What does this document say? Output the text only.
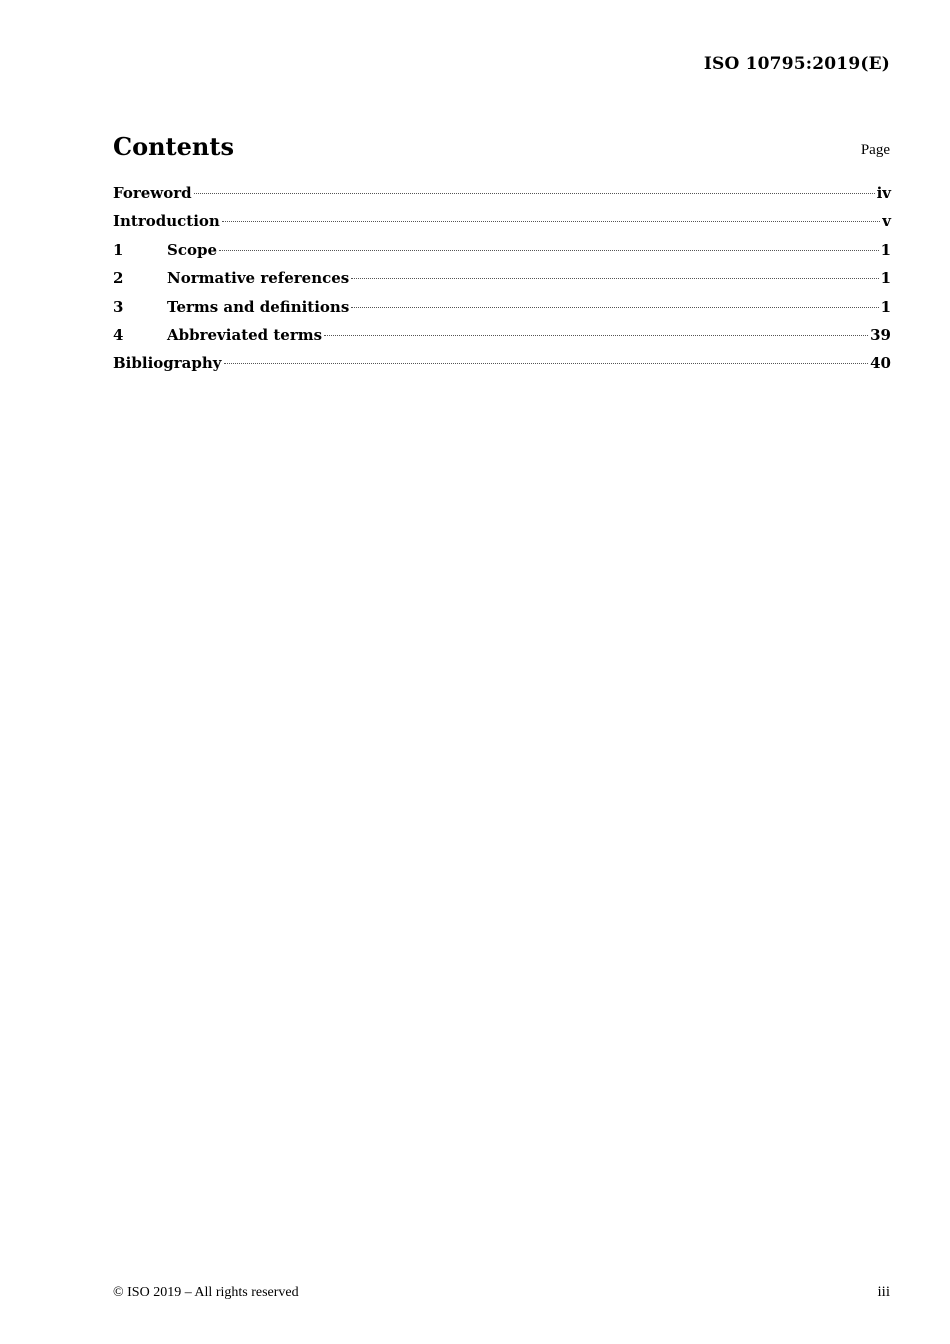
ISO 10795:2019(E)
Contents	Page
Foreword	iv
Introduction	v
1	Scope	1
2	Normative references	1
3	Terms and definitions	1
4	Abbreviated terms	39
Bibliography	40
© ISO 2019 – All rights reserved	iii
